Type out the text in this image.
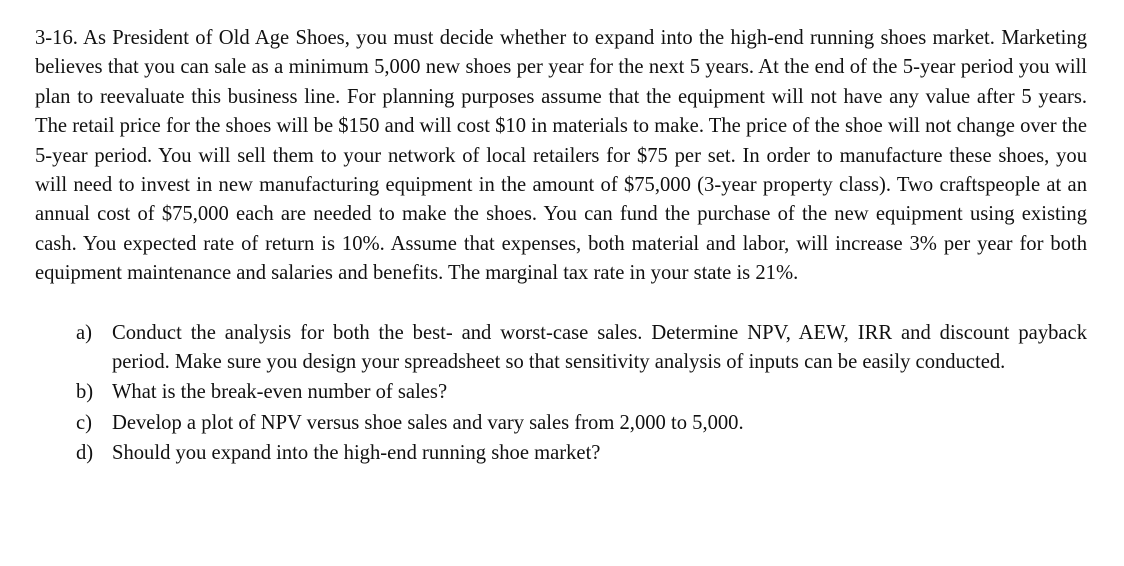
3-16. As President of Old Age Shoes, you must decide whether to expand into the high-end running shoes market. Marketing believes that you can sale as a minimum 5,000 new shoes per year for the next 5 years. At the end of the 5-year period you will plan to reevaluate this business line. For planning purposes assume that the equipment will not have any value after 5 years. The retail price for the shoes will be $150 and will cost $10 in materials to make. The price of the shoe will not change over the 5-year period. You will sell them to your network of local retailers for $75 per set. In order to manufacture these shoes, you will need to invest in new manufacturing equipment in the amount of $75,000 (3-year property class). Two craftspeople at an annual cost of $75,000 each are needed to make the shoes. You can fund the purchase of the new equipment using existing cash. You expected rate of return is 10%. Assume that expenses, both material and labor, will increase 3% per year for both equipment maintenance and salaries and benefits. The marginal tax rate in your state is 21%.

a) Conduct the analysis for both the best- and worst-case sales. Determine NPV, AEW, IRR and discount payback period. Make sure you design your spreadsheet so that sensitivity analysis of inputs can be easily conducted.
b) What is the break-even number of sales?
c) Develop a plot of NPV versus shoe sales and vary sales from 2,000 to 5,000.
d) Should you expand into the high-end running shoe market?
